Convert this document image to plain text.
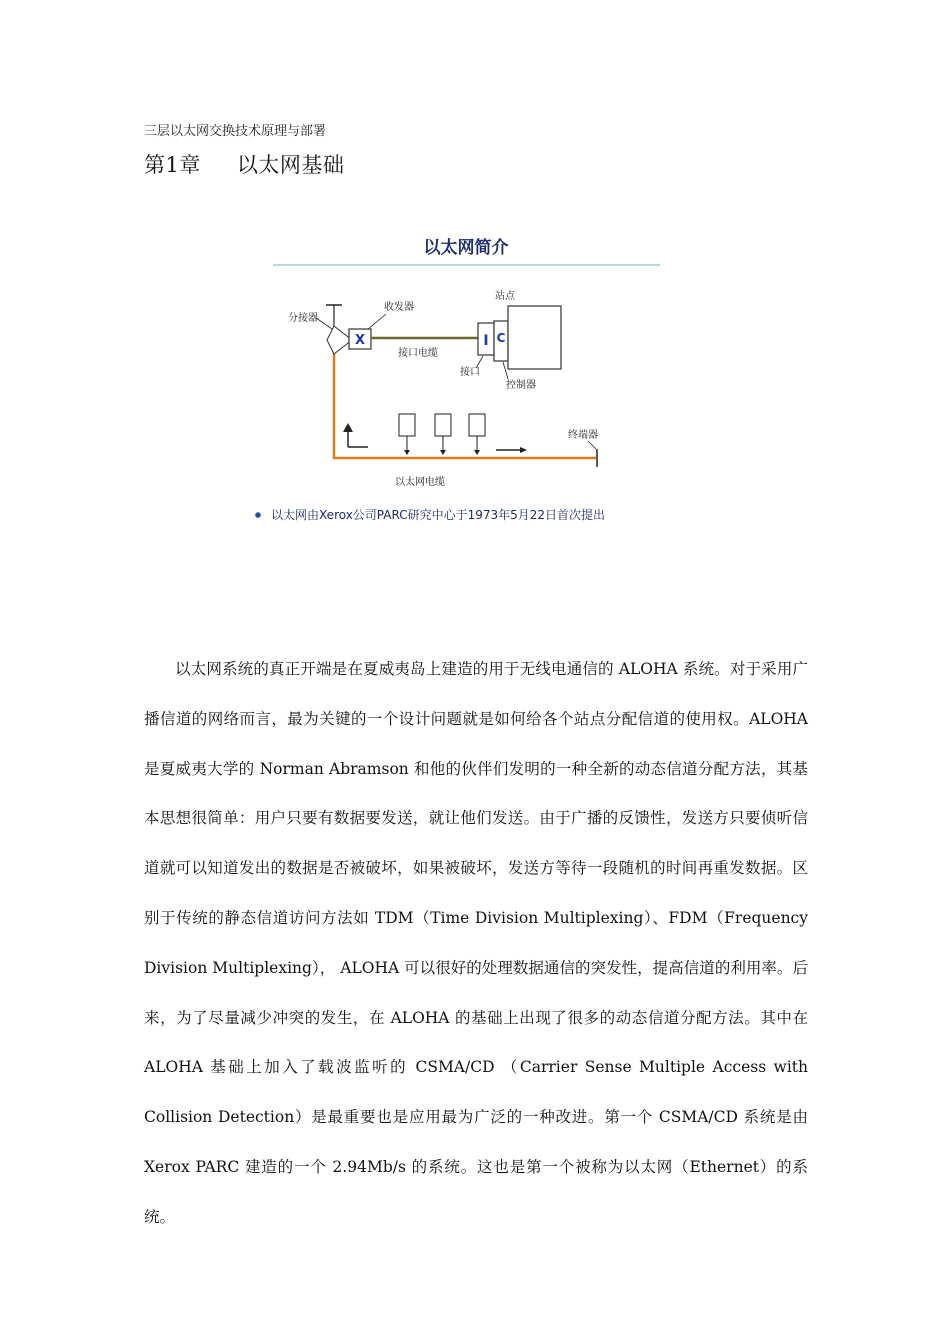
三层以太网交换技术原理与部署
第1章 以太网基础
以太网简介
站点
分接器
收发器
X
接口电缆
I C
接口
控制器
终端器
以太网电缆
以太网由Xerox公司PARC研究中心于1973年5月22日首次提出

以太网系统的真正开端是在夏威夷岛上建造的用于无线电通信的 ALOHA 系统。对于采用广播信道的网络而言，最为关键的一个设计问题就是如何给各个站点分配信道的使用权。ALOHA 是夏威夷大学的 Norman Abramson 和他的伙伴们发明的一种全新的动态信道分配方法，其基本思想很简单：用户只要有数据要发送，就让他们发送。由于广播的反馈性，发送方只要侦听信道就可以知道发出的数据是否被破坏，如果被破坏，发送方等待一段随机的时间再重发数据。区别于传统的静态信道访问方法如 TDM（Time Division Multiplexing）、FDM（Frequency Division Multiplexing）， ALOHA 可以很好的处理数据通信的突发性，提高信道的利用率。后来，为了尽量减少冲突的发生，在 ALOHA 的基础上出现了很多的动态信道分配方法。其中在 ALOHA 基础上加入了载波监听的 CSMA/CD （Carrier Sense Multiple Access with Collision Detection）是最重要也是应用最为广泛的一种改进。第一个 CSMA/CD 系统是由 Xerox PARC 建造的一个 2.94Mb/s 的系统。这也是第一个被称为以太网（Ethernet）的系统。
